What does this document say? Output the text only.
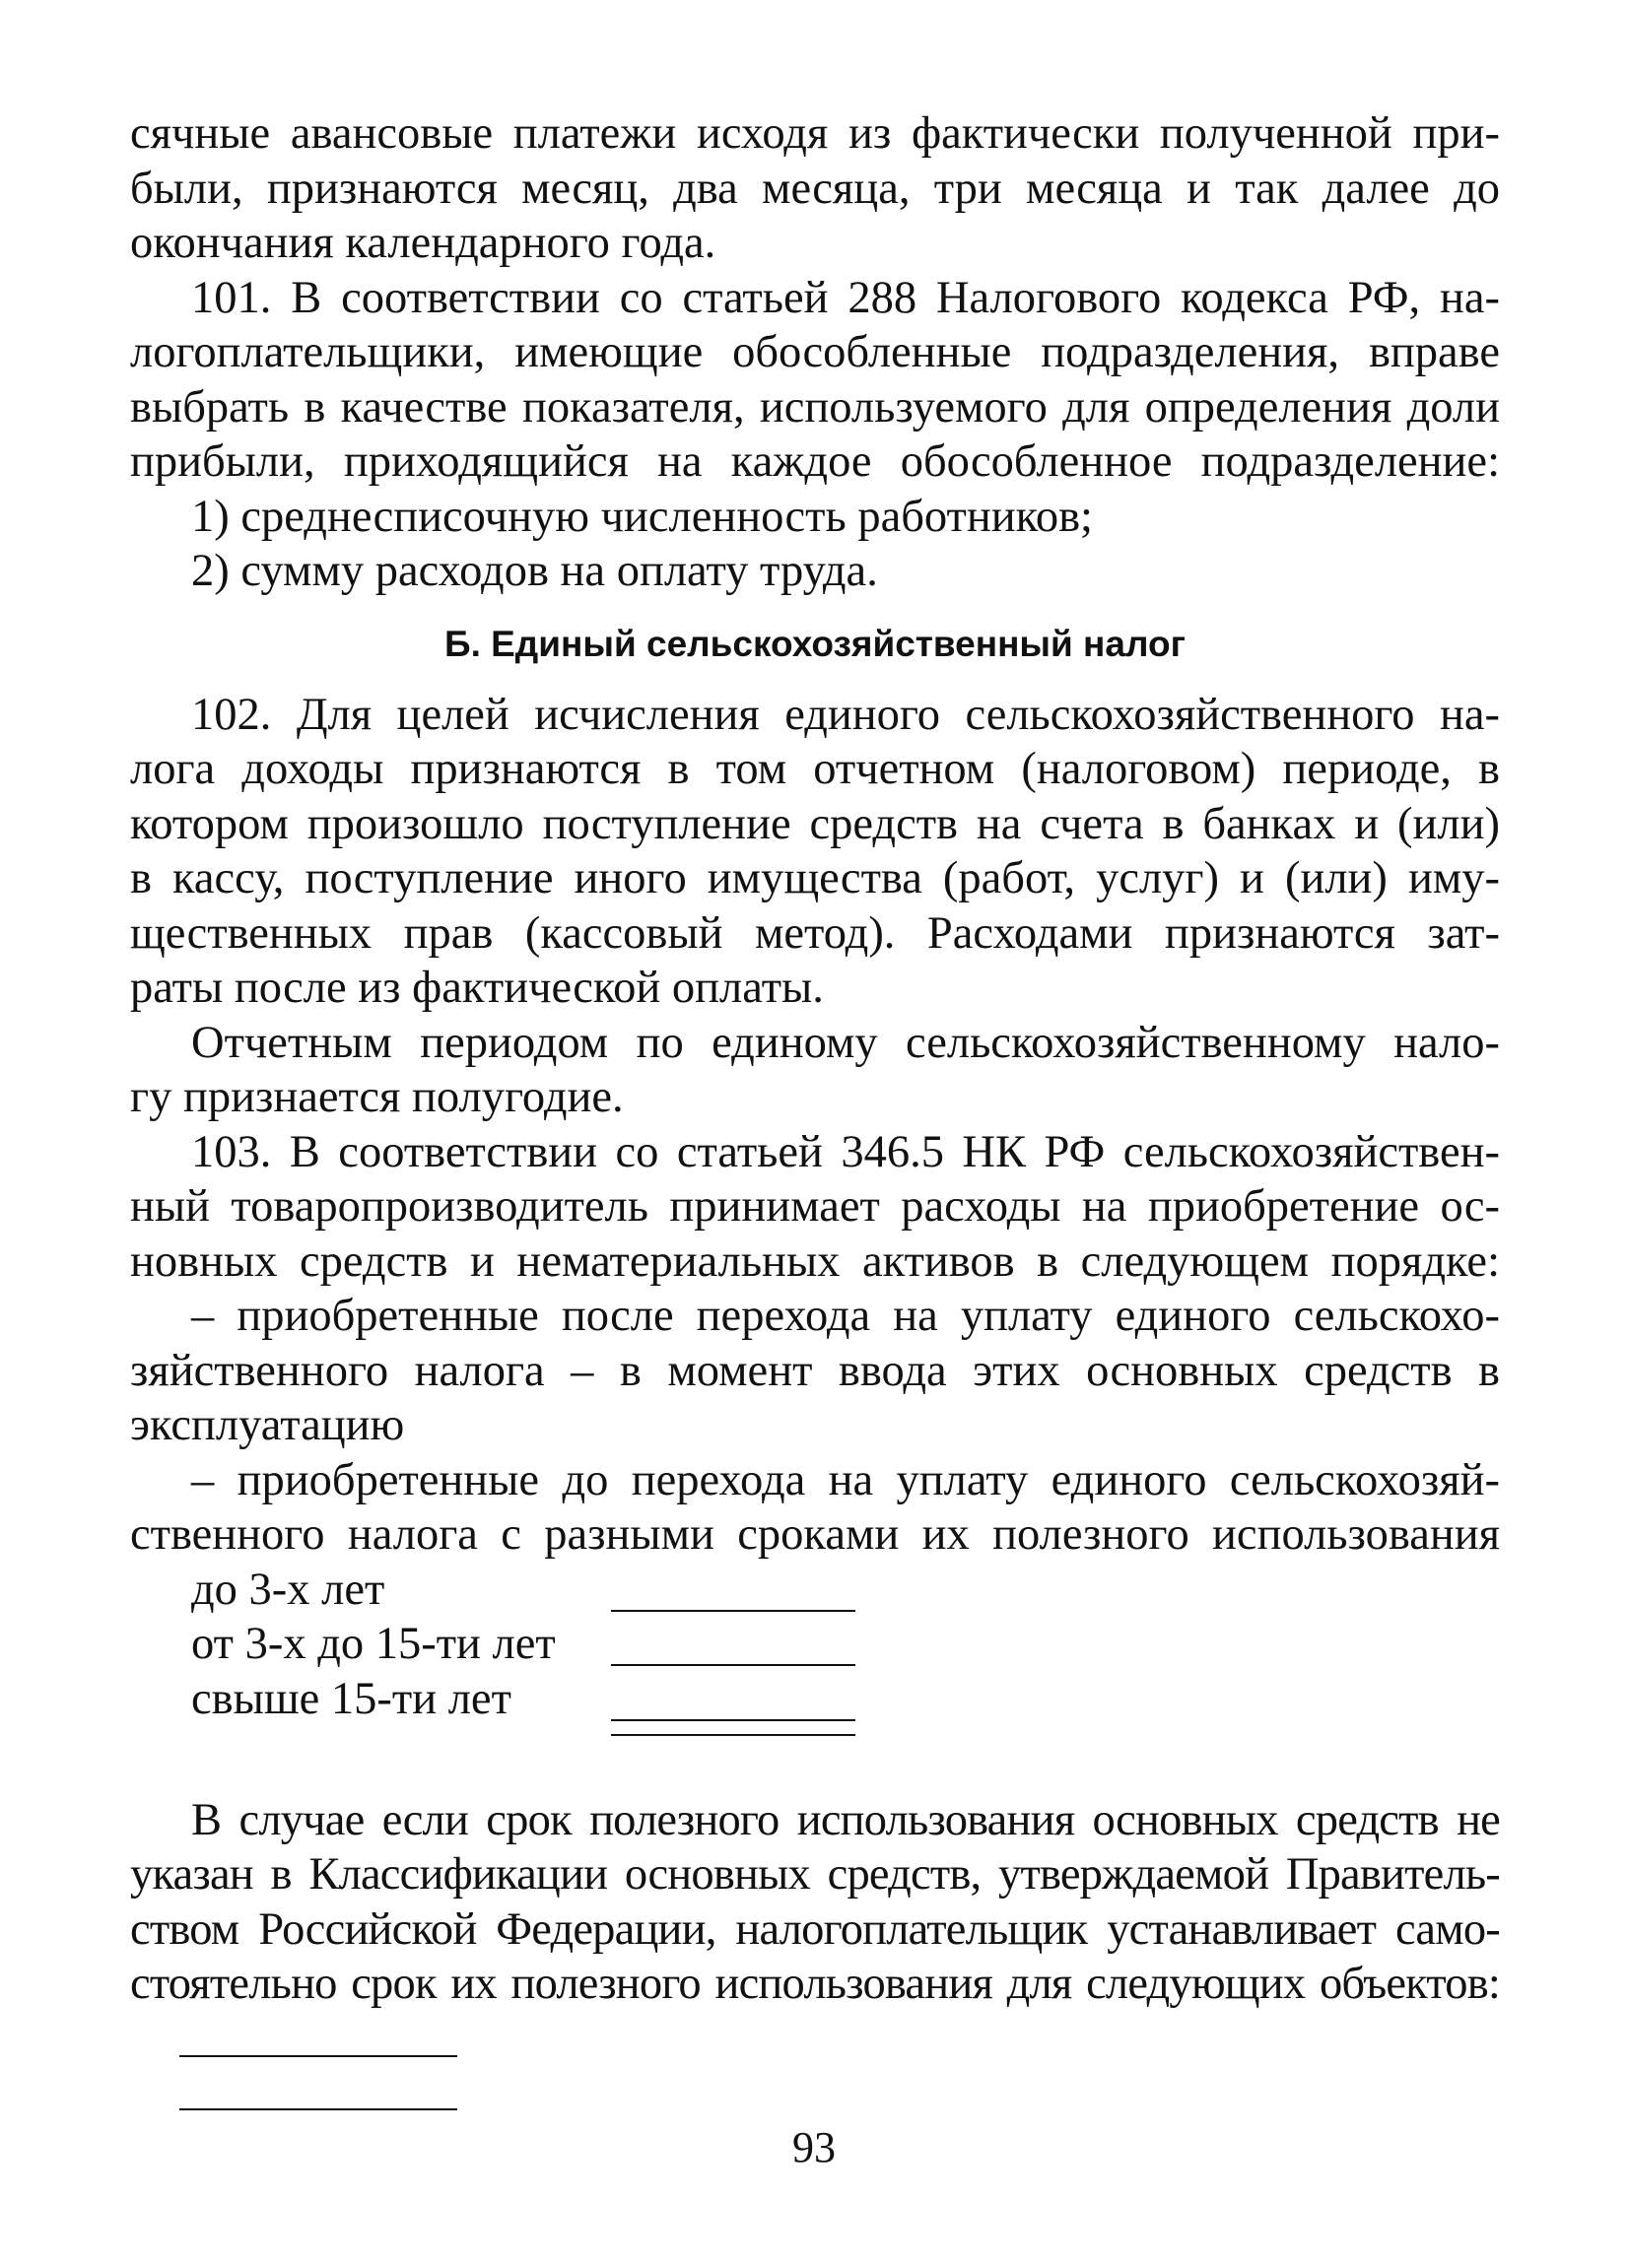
сячные авансовые платежи исходя из фактически полученной при-
были, признаются месяц, два месяца, три месяца и так далее до
окончания календарного года.
101. В соответствии со статьей 288 Налогового кодекса РФ, на-
логоплательщики, имеющие обособленные подразделения, вправе
выбрать в качестве показателя, используемого для определения доли
прибыли, приходящийся на каждое обособленное подразделение:
1) среднесписочную численность работников;
2) сумму расходов на оплату труда.
Б. Единый сельскохозяйственный налог
102. Для целей исчисления единого сельскохозяйственного на-
лога доходы признаются в том отчетном (налоговом) периоде, в
котором произошло поступление средств на счета в банках и (или)
в кассу, поступление иного имущества (работ, услуг) и (или) иму-
щественных прав (кассовый метод). Расходами признаются зат-
раты после из фактической оплаты.
Отчетным периодом по единому сельскохозяйственному нало-
гу признается полугодие.
103. В соответствии со статьей 346.5 НК РФ сельскохозяйствен-
ный товаропроизводитель принимает расходы на приобретение ос-
новных средств и нематериальных активов в следующем порядке:
– приобретенные после перехода на уплату единого сельскохо-
зяйственного налога – в момент ввода этих основных средств в
эксплуатацию
– приобретенные до перехода на уплату единого сельскохозяй-
ственного налога с разными сроками их полезного использования
до 3-х лет
от 3-х до 15-ти лет
свыше 15-ти лет
В случае если срок полезного использования основных средств не
указан в Классификации основных средств, утверждаемой Правитель-
ством Российской Федерации, налогоплательщик устанавливает само-
стоятельно срок их полезного использования для следующих объектов:
93
